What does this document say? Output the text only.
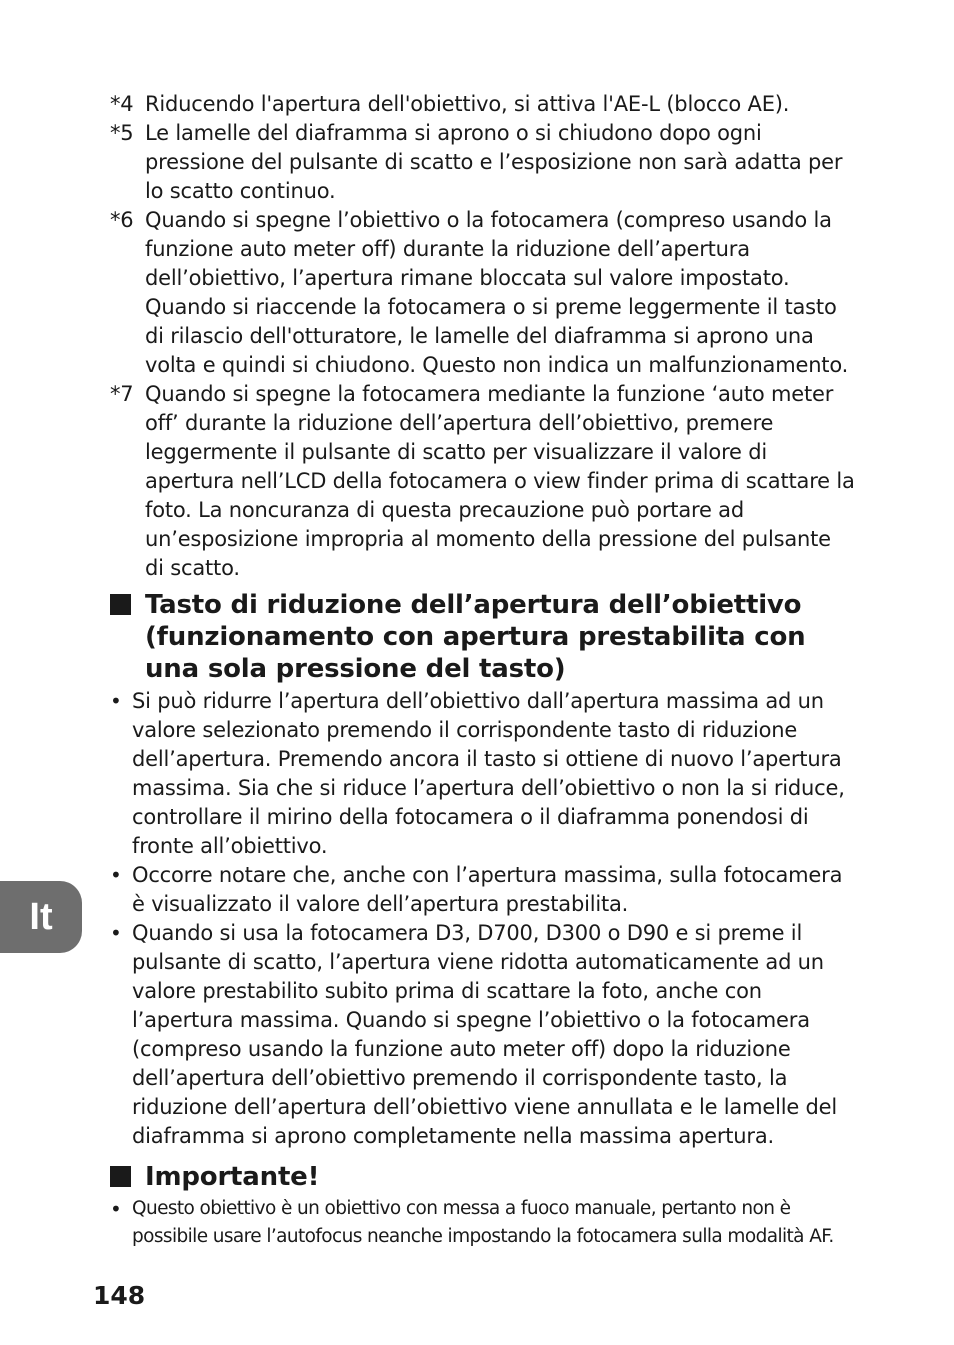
*4 Riducendo l'apertura dell'obiettivo, si attiva l'AE-L (blocco AE).
*5 Le lamelle del diaframma si aprono o si chiudono dopo ogni pressione del pulsante di scatto e l’esposizione non sarà adatta per lo scatto continuo.
*6 Quando si spegne l’obiettivo o la fotocamera (compreso usando la funzione auto meter off) durante la riduzione dell’apertura dell’obiettivo, l’apertura rimane bloccata sul valore impostato. Quando si riaccende la fotocamera o si preme leggermente il tasto di rilascio dell'otturatore, le lamelle del diaframma si aprono una volta e quindi si chiudono. Questo non indica un malfunzionamento.
*7 Quando si spegne la fotocamera mediante la funzione ‘auto meter off’ durante la riduzione dell’apertura dell’obiettivo, premere leggermente il pulsante di scatto per visualizzare il valore di apertura nell’LCD della fotocamera o view finder prima di scattare la foto. La noncuranza di questa precauzione può portare ad un’esposizione impropria al momento della pressione del pulsante di scatto.
Tasto di riduzione dell’apertura dell’obiettivo (funzionamento con apertura prestabilita con una sola pressione del tasto)
• Si può ridurre l’apertura dell’obiettivo dall’apertura massima ad un valore selezionato premendo il corrispondente tasto di riduzione dell’apertura. Premendo ancora il tasto si ottiene di nuovo l’apertura massima. Sia che si riduce l’apertura dell’obiettivo o non la si riduce, controllare il mirino della fotocamera o il diaframma ponendosi di fronte all’obiettivo.
• Occorre notare che, anche con l’apertura massima, sulla fotocamera è visualizzato il valore dell’apertura prestabilita.
• Quando si usa la fotocamera D3, D700, D300 o D90 e si preme il pulsante di scatto, l’apertura viene ridotta automaticamente ad un valore prestabilito subito prima di scattare la foto, anche con l’apertura massima. Quando si spegne l’obiettivo o la fotocamera (compreso usando la funzione auto meter off) dopo la riduzione dell’apertura dell’obiettivo premendo il corrispondente tasto, la riduzione dell’apertura dell’obiettivo viene annullata e le lamelle del diaframma si aprono completamente nella massima apertura.
Importante!
• Questo obiettivo è un obiettivo con messa a fuoco manuale, pertanto non è possibile usare l’autofocus neanche impostando la fotocamera sulla modalità AF.
It
148
